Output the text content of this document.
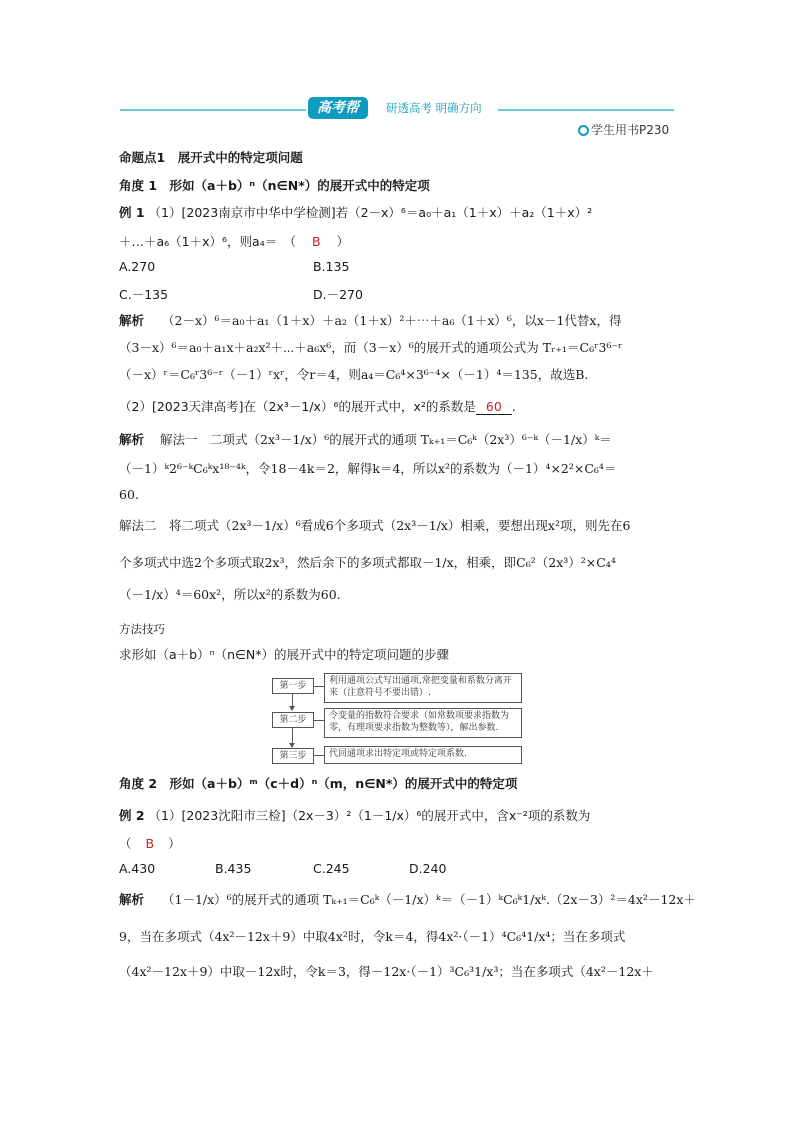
高考帮	研透高考 明确方向
学生用书P230
命题点1　展开式中的特定项问题
角度 1　形如（a＋b）ⁿ（n∈N*）的展开式中的特定项
例 1 （1）[2023南京市中华中学检测]若（2－x）⁶＝a₀＋a₁（1＋x）＋a₂（1＋x）²
＋…＋a₆（1＋x）⁶，则a₄＝　（ B ）
A.270	B.135
C.－135	D.－270
解析 （2－x）⁶＝a₀＋a₁（1＋x）＋a₂（1＋x）²＋⋯＋a₆（1＋x）⁶，以x－1代替x，得
（3－x）⁶＝a₀＋a₁x＋a₂x²＋⋯＋a₆x⁶，而（3－x）⁶的展开式的通项公式为 Tᵣ₊₁＝C₆ʳ3⁶⁻ʳ
（－x）ʳ＝C₆ʳ3⁶⁻ʳ（－1）ʳxʳ，令r＝4，则a₄＝C₆⁴×3⁶⁻⁴×（－1）⁴＝135，故选B.
（2）[2023天津高考]在（2x³－1/x）⁶的展开式中，x²的系数是 60 .
解析 解法一　二项式（2x³－1/x）⁶的展开式的通项 Tₖ₊₁＝C₆ᵏ（2x³）⁶⁻ᵏ（－1/x）ᵏ＝
（－1）ᵏ2⁶⁻ᵏC₆ᵏx¹⁸⁻⁴ᵏ，令18－4k＝2，解得k＝4，所以x²的系数为（－1）⁴×2²×C₆⁴＝
60.
解法二　将二项式（2x³－1/x）⁶看成6个多项式（2x³－1/x）相乘，要想出现x²项，则先在6
个多项式中选2个多项式取2x³，然后余下的多项式都取－1/x，相乘，即C₆²（2x³）²×C₄⁴
（－1/x）⁴＝60x²，所以x²的系数为60.
方法技巧
求形如（a＋b）ⁿ（n∈N*）的展开式中的特定项问题的步骤
第一步	利用通项公式写出通项,常把变量和系数分离开来（注意符号不要出错）.
第二步	令变量的指数符合要求（如常数项要求指数为零，有理项要求指数为整数等），解出参数.
第三步	代回通项求出特定项或特定项系数.
角度 2　形如（a＋b）ᵐ（c＋d）ⁿ（m，n∈N*）的展开式中的特定项
例 2 （1）[2023沈阳市三检]（2x－3）²（1－1/x）⁶的展开式中，含x⁻²项的系数为
（ B ）
A.430	B.435	C.245	D.240
解析 （1－1/x）⁶的展开式的通项 Tₖ₊₁＝C₆ᵏ（－1/x）ᵏ＝（－1）ᵏC₆ᵏ1/xᵏ.（2x－3）²＝4x²－12x＋
9，当在多项式（4x²－12x＋9）中取4x²时，令k＝4，得4x²·（－1）⁴C₆⁴1/x⁴；当在多项式
（4x²－12x＋9）中取－12x时，令k＝3，得－12x·（－1）³C₆³1/x³；当在多项式（4x²－12x＋
